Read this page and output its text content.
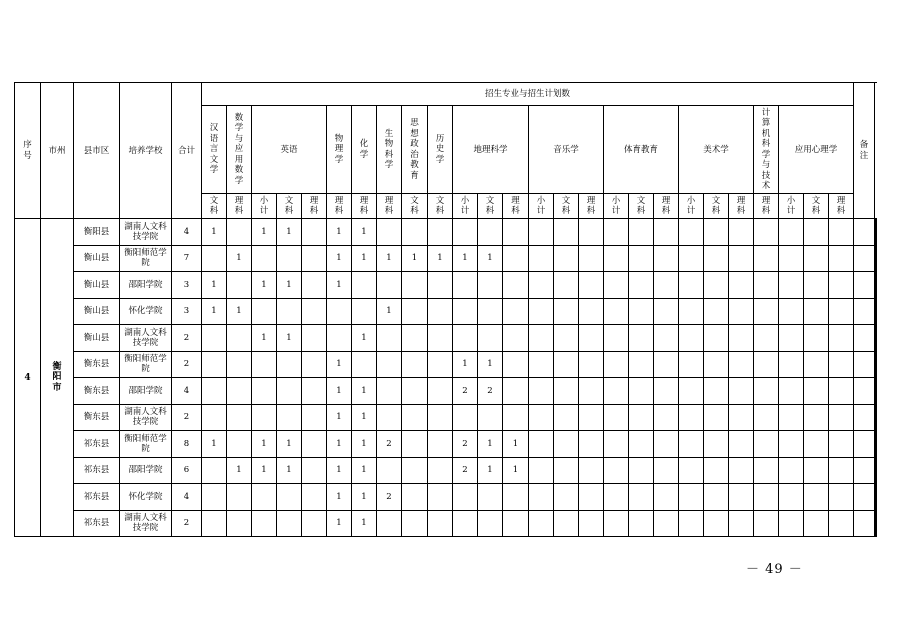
序号	市州	县市区	培养学校	合计	招生专业与招生计划数																										备注	
					汉语言文学	数学与应用数学	英语			物理学	化学	生物科学	思想政治教育	历史学	地理科学			音乐学			体育教育			美术学			计算机科学与技术	应用心理学				
					文科	理科	小计	文科	理科	理科	理科	理科	文科	文科	小计	文科	理科	小计	文科	理科	小计	文科	理科	小计	文科	理科	理科	小计	文科	理科		
4	衡阳市	衡阳县	湖南人文科技学院	4	1		1	1		1	1																						
		衡山县	衡阳师范学院	7		1				1	1	1	1	1	1	1																	
		衡山县	邵阳学院	3	1		1	1		1																							
		衡山县	怀化学院	3	1	1						1																					
		衡山县	湖南人文科技学院	2			1	1			1																						
		衡东县	衡阳师范学院	2						1					1	1																	
		衡东县	邵阳学院	4						1	1				2	2																	
		衡东县	湖南人文科技学院	2						1	1																						
		祁东县	衡阳师范学院	8	1		1	1		1	1	2			2	1	1																
		祁东县	邵阳学院	6		1	1	1		1	1				2	1	1																
		祁东县	怀化学院	4						1	1	2																					
		祁东县	湖南人文科技学院	2						1	1																						
－ 49 －
